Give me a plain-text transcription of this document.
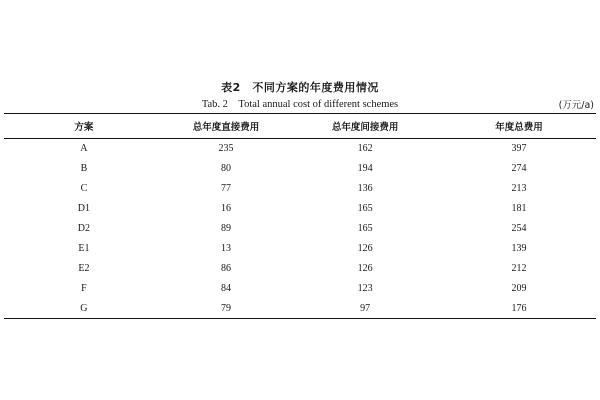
表2　不同方案的年度费用情况
Tab. 2　Total annual cost of different schemes	(万元/a)
方案	总年度直接费用	总年度间接费用	年度总费用
A	235	162	397
B	80	194	274
C	77	136	213
D1	16	165	181
D2	89	165	254
E1	13	126	139
E2	86	126	212
F	84	123	209
G	79	97	176
